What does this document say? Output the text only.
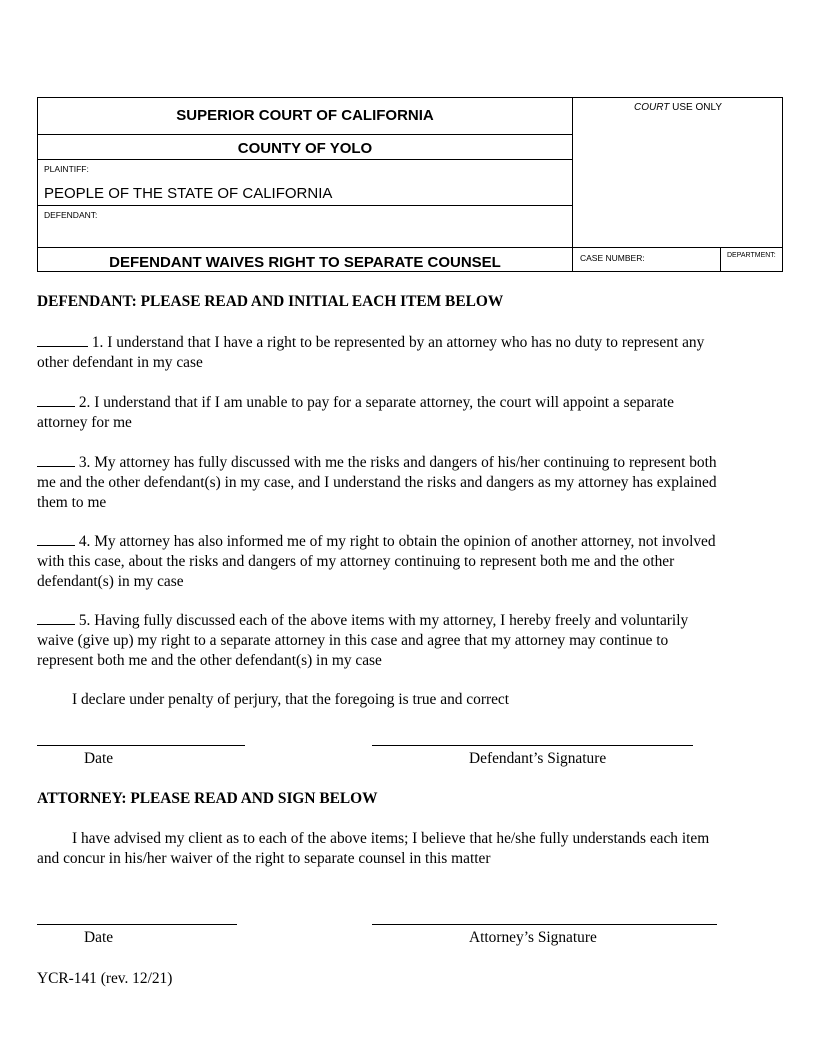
SUPERIOR COURT OF CALIFORNIA
COUNTY OF YOLO
PLAINTIFF:
PEOPLE OF THE STATE OF CALIFORNIA
DEFENDANT:
DEFENDANT WAIVES RIGHT TO SEPARATE COUNSEL
COURT USE ONLY
CASE NUMBER:	DEPARTMENT:
DEFENDANT: PLEASE READ AND INITIAL EACH ITEM BELOW
1. I understand that I have a right to be represented by an attorney who has no duty to represent any other defendant in my case
2. I understand that if I am unable to pay for a separate attorney, the court will appoint a separate attorney for me
3. My attorney has fully discussed with me the risks and dangers of his/her continuing to represent both me and the other defendant(s) in my case, and I understand the risks and dangers as my attorney has explained them to me
4. My attorney has also informed me of my right to obtain the opinion of another attorney, not involved with this case, about the risks and dangers of my attorney continuing to represent both me and the other defendant(s) in my case
5. Having fully discussed each of the above items with my attorney, I hereby freely and voluntarily waive (give up) my right to a separate attorney in this case and agree that my attorney may continue to represent both me and the other defendant(s) in my case
I declare under penalty of perjury, that the foregoing is true and correct
Date	Defendant’s Signature
ATTORNEY: PLEASE READ AND SIGN BELOW
I have advised my client as to each of the above items; I believe that he/she fully understands each item and concur in his/her waiver of the right to separate counsel in this matter
Date	Attorney’s Signature
YCR-141 (rev. 12/21)
